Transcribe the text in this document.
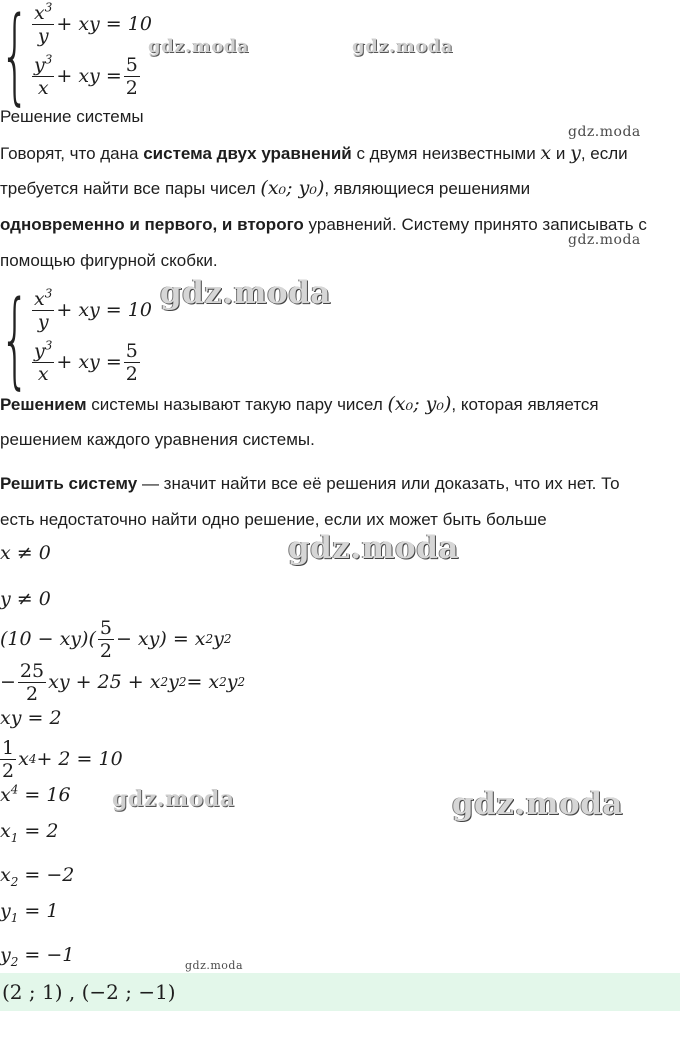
{ $\frac{x^3}{y}$ + xy = 10
$\frac{y^3}{x}$ + xy = $\frac{5}{2}$
Решение системы
Говорят, что дана система двух уравнений с двумя неизвестными x и y, если
требуется найти все пары чисел (x₀; y₀), являющиеся решениями
одновременно и первого, и второго уравнений. Систему принято записывать с
помощью фигурной скобки.
{ $\frac{x^3}{y}$ + xy = 10
$\frac{y^3}{x}$ + xy = $\frac{5}{2}$
Решением системы называют такую пару чисел (x₀; y₀), которая является
решением каждого уравнения системы.
Решить систему — значит найти все её решения или доказать, что их нет. То
есть недостаточно найти одно решение, если их может быть больше
x ≠ 0
y ≠ 0
$(10 - xy)( \frac{5}{2} - xy) = x$ 2 y 2
− $\frac{25}{2}$ xy + 25 + x 2 y 2 = x 2 y 2
xy = 2
$\frac{1}{2}$ x 4 + 2 = 10
$x^4 = 16$
$x_1 = 2$
$x_2 = -2$
$y_1 = 1$
$y_2 = -1$
(2 ; 1) , (−2 ; −1)
gdz.moda	gdz.moda
gdz.moda
gdz.moda
gdz.moda
gdz.moda
gdz.moda	gdz.moda
gdz.moda
